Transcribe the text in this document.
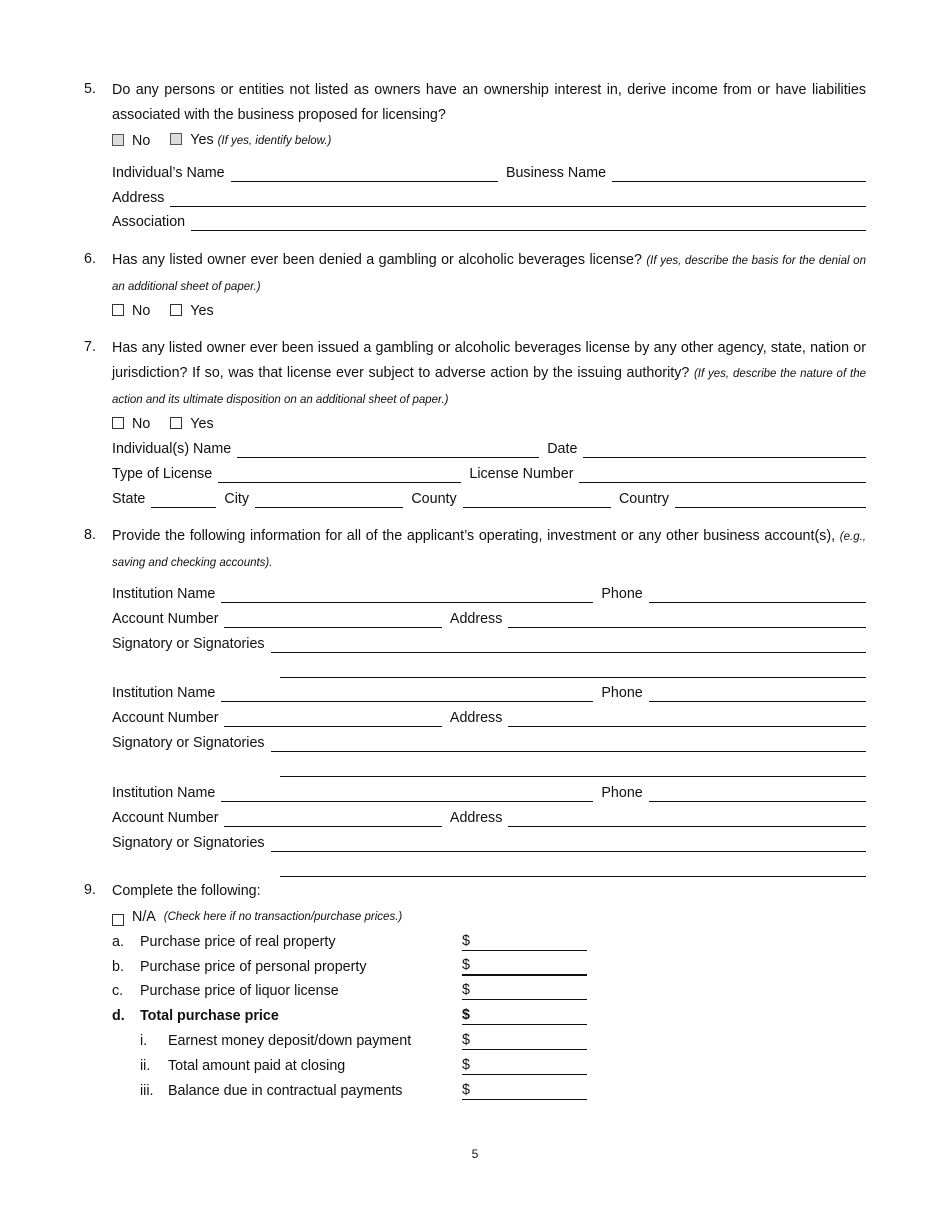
5. Do any persons or entities not listed as owners have an ownership interest in, derive income from or have liabilities associated with the business proposed for licensing?
No	Yes (If yes, identify below.)
Individual’s Name	Business Name
Address
Association
6. Has any listed owner ever been denied a gambling or alcoholic beverages license? (If yes, describe the basis for the denial on an additional sheet of paper.)
No	Yes
7. Has any listed owner ever been issued a gambling or alcoholic beverages license by any other agency, state, nation or jurisdiction? If so, was that license ever subject to adverse action by the issuing authority? (If yes, describe the nature of the action and its ultimate disposition on an additional sheet of paper.)
No	Yes
Individual(s) Name	Date
Type of License	License Number
State	City	County	Country
8. Provide the following information for all of the applicant’s operating, investment or any other business account(s), (e.g., saving and checking accounts).
Institution Name	Phone
Account Number	Address
Signatory or Signatories
Institution Name	Phone
Account Number	Address
Signatory or Signatories
Institution Name	Phone
Account Number	Address
Signatory or Signatories
9. Complete the following:
N/A
(Check here if no transaction/purchase prices.)
a. Purchase price of real property	$
b. Purchase price of personal property	$
c. Purchase price of liquor license	$
d. Total purchase price	$
i. Earnest money deposit/down payment	$
ii. Total amount paid at closing	$
iii. Balance due in contractual payments	$
5
